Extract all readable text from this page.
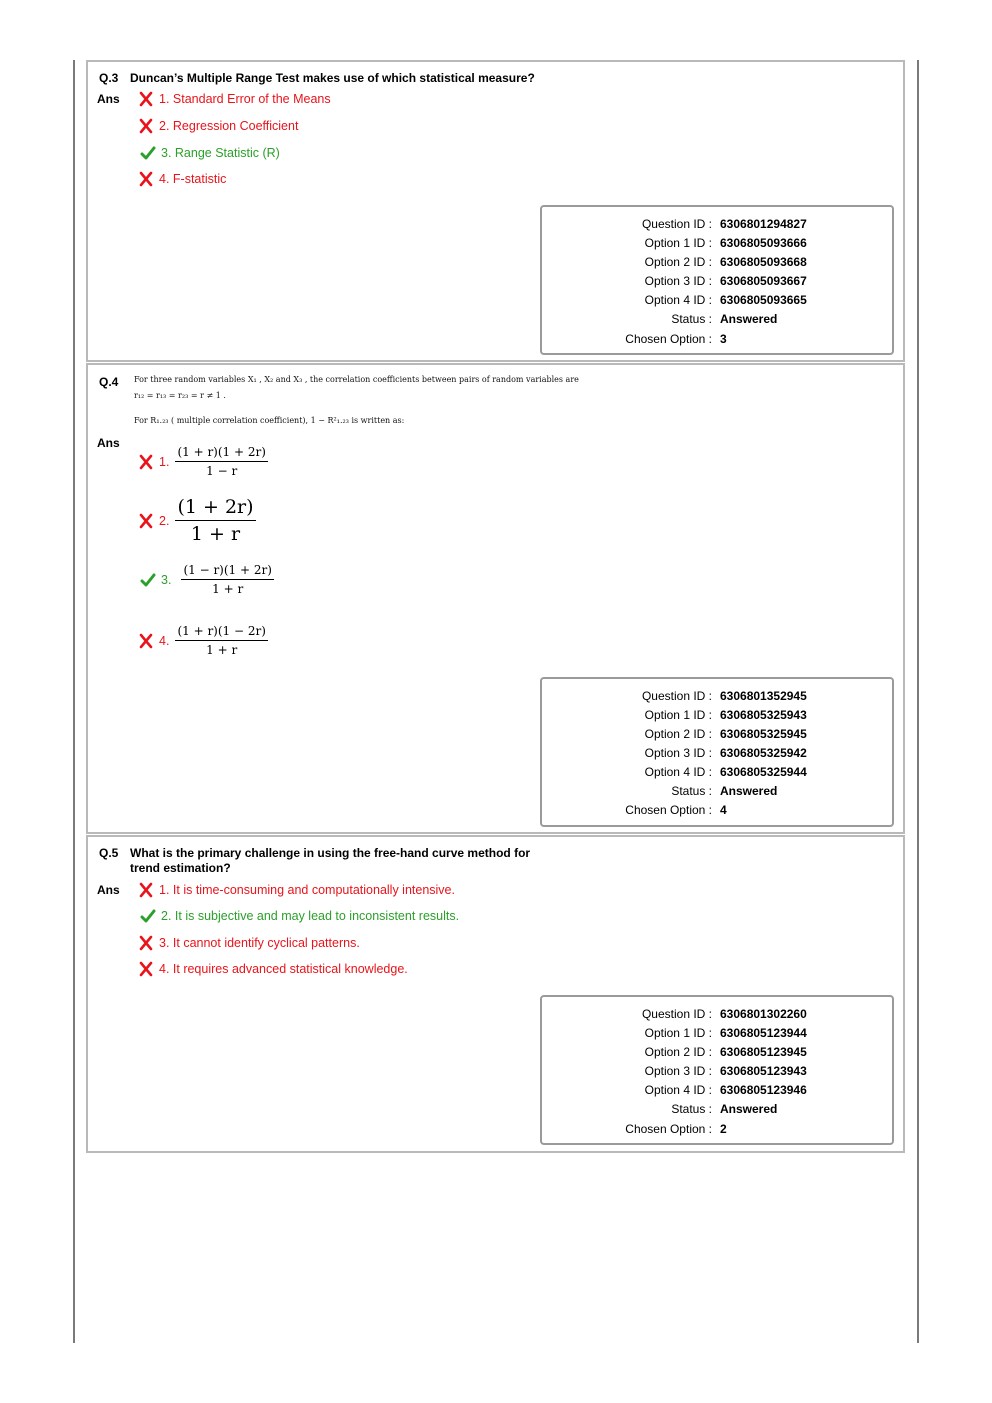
Q.3 Duncan’s Multiple Range Test makes use of which statistical measure?
Ans	1. Standard Error of the Means
2. Regression Coefficient
3. Range Statistic (R)
4. F-statistic
Question ID : 6306801294827
Option 1 ID : 6306805093666
Option 2 ID : 6306805093668
Option 3 ID : 6306805093667
Option 4 ID : 6306805093665
Status : Answered
Chosen Option : 3
Q.4 For three random variables X₁ , X₂ and X₃ , the correlation coefficients between pairs of random variables are
r₁₂ = r₁₃ = r₂₃ = r ≠ 1 .
For R₁.₂₃ ( multiple correlation coefficient), 1 − R²₁.₂₃ is written as:
Ans
1. $\frac{(1 + r)(1 + 2r)}{1 - r}$
2. $\frac{(1 + 2r)}{1 + r}$
3. $\frac{(1 - r)(1 + 2r)}{1 + r}$
4. $\frac{(1 + r)(1 - 2r)}{1 + r}$
Question ID : 6306801352945
Option 1 ID : 6306805325943
Option 2 ID : 6306805325945
Option 3 ID : 6306805325942
Option 4 ID : 6306805325944
Status : Answered
Chosen Option : 4
Q.5 What is the primary challenge in using the free-hand curve method for
trend estimation?
Ans	1. It is time-consuming and computationally intensive.
2. It is subjective and may lead to inconsistent results.
3. It cannot identify cyclical patterns.
4. It requires advanced statistical knowledge.
Question ID : 6306801302260
Option 1 ID : 6306805123944
Option 2 ID : 6306805123945
Option 3 ID : 6306805123943
Option 4 ID : 6306805123946
Status : Answered
Chosen Option : 2
